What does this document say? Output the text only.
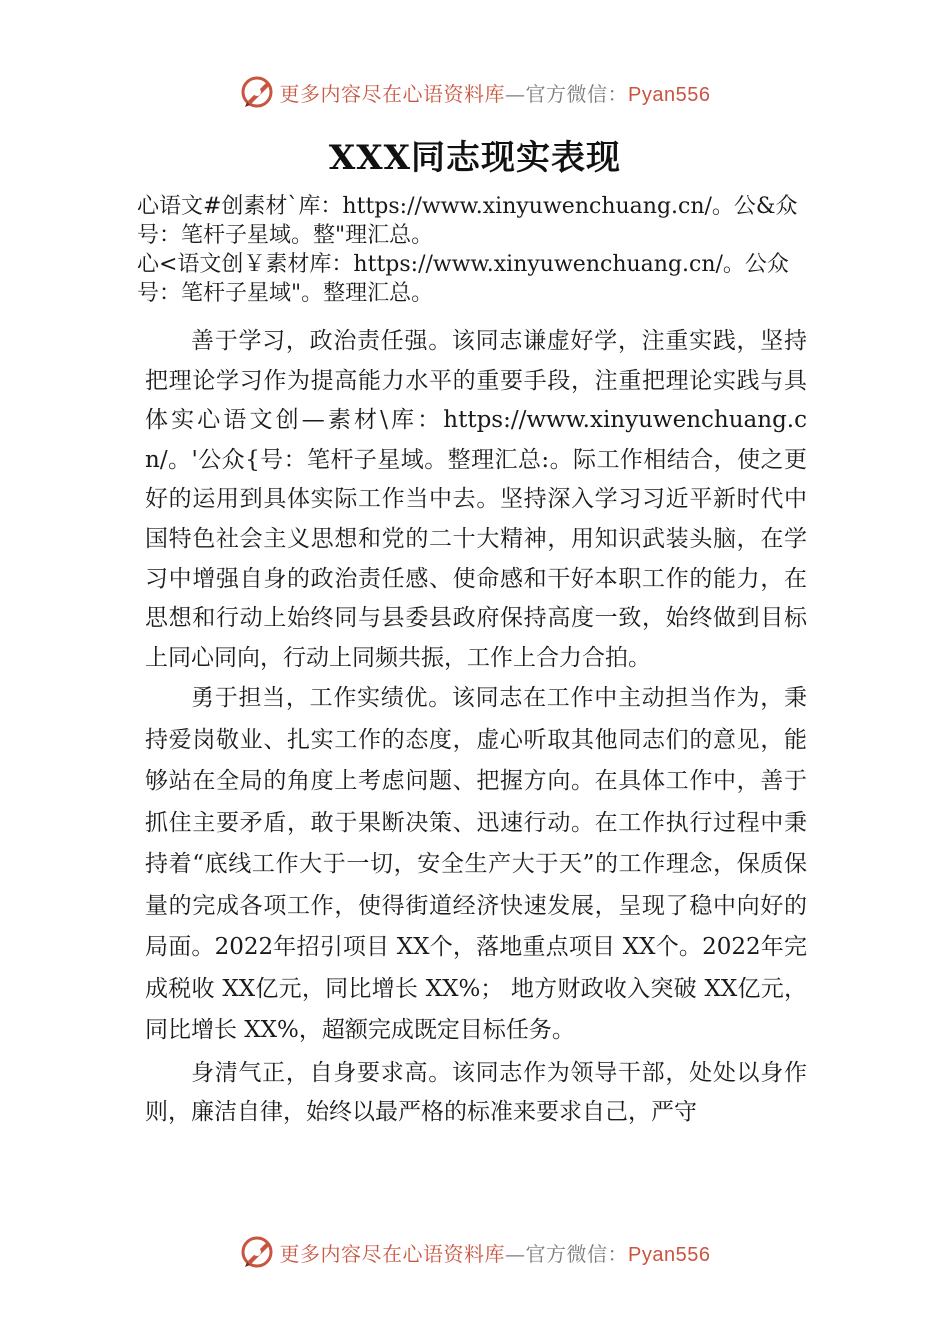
更多内容尽在心语资料库—官方微信：Pyan556
XXX同志现实表现
心语文#创素材`库：https://www.xinyuwenchuang.cn/。公&众号：笔杆子星域。整"理汇总。
心<语文创￥素材库：https://www.xinyuwenchuang.cn/。公众号：笔杆子星域"。整理汇总。

善于学习，政治责任强。该同志谦虚好学，注重实践，坚持把理论学习作为提高能力水平的重要手段，注重把理论实践与具体实心语文创—素材\库：https://www.xinyuwenchuang.cn/。'公众{号：笔杆子星域。整理汇总:。际工作相结合，使之更好的运用到具体实际工作当中去。坚持深入学习习近平新时代中国特色社会主义思想和党的二十大精神，用知识武装头脑，在学习中增强自身的政治责任感、使命感和干好本职工作的能力，在思想和行动上始终同与县委县政府保持高度一致，始终做到目标上同心同向，行动上同频共振，工作上合力合拍。

勇于担当，工作实绩优。该同志在工作中主动担当作为，秉持爱岗敬业、扎实工作的态度，虚心听取其他同志们的意见，能够站在全局的角度上考虑问题、把握方向。在具体工作中，善于抓住主要矛盾，敢于果断决策、迅速行动。在工作执行过程中秉持着“底线工作大于一切，安全生产大于天”的工作理念，保质保量的完成各项工作，使得街道经济快速发展，呈现了稳中向好的局面。2022年招引项目 XX个，落地重点项目 XX个。2022年完成税收 XX亿元，同比增长 XX%； 地方财政收入突破 XX亿元，同比增长 XX%，超额完成既定目标任务。

身清气正，自身要求高。该同志作为领导干部，处处以身作则，廉洁自律，始终以最严格的标准来要求自己，严守

更多内容尽在心语资料库—官方微信：Pyan556
